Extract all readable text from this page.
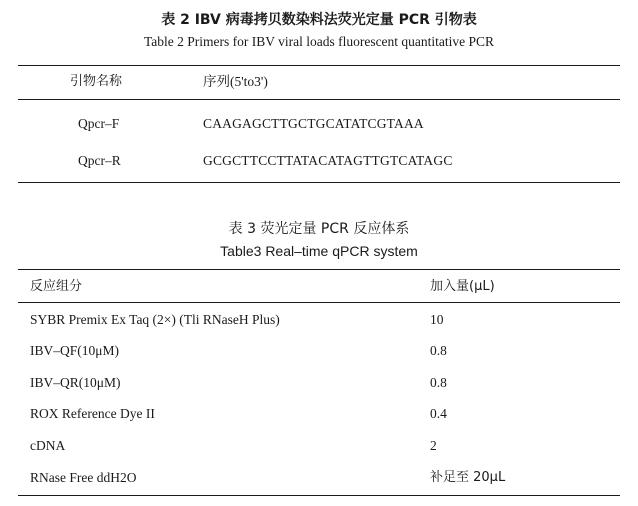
表 2 IBV 病毒拷贝数染料法荧光定量 PCR 引物表
Table 2 Primers for IBV viral loads fluorescent quantitative PCR
引物名称	序列(5'to3')
Qpcr–F	CAAGAGCTTGCTGCATATCGTAAA
Qpcr–R	GCGCTTCCTTATACATAGTTGTCATAGC
表 3 荧光定量 PCR 反应体系
Table3 Real–time qPCR system
反应组分	加入量(μL)
SYBR Premix Ex Taq (2×) (Tli RNaseH Plus)	10
IBV–QF(10μM)	0.8
IBV–QR(10μM)	0.8
ROX Reference Dye II	0.4
cDNA	2
RNase Free ddH2O	补足至 20μL
